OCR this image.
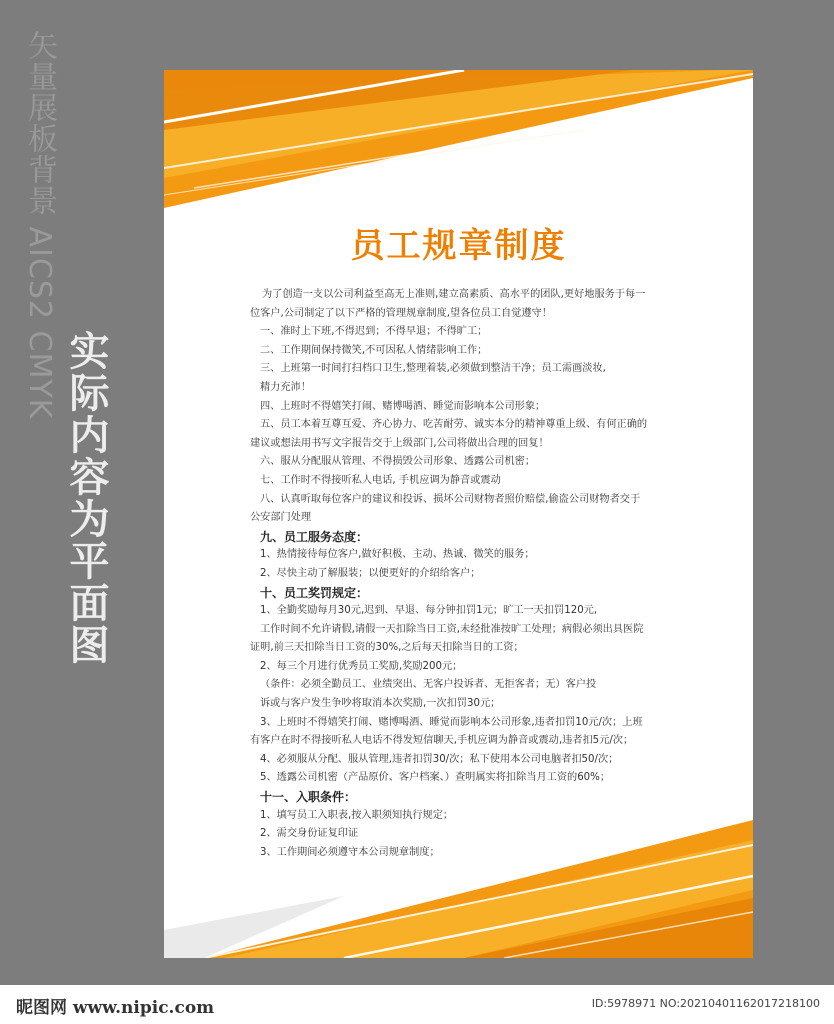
矢量展板背景 AICS2 CMYK
实际内容为平面图
员工规章制度

为了创造一支以公司利益至高无上准则,建立高素质、高水平的团队,更好地服务于每一

位客户,公司制定了以下严格的管理规章制度,望各位员工自觉遵守！

一、准时上下班,不得迟到；不得早退；不得旷工；

二、工作期间保持微笑,不可因私人情绪影响工作；

三、上班第一时间打扫档口卫生,整理着装,必须做到整洁干净；员工需画淡妆,

精力充沛！

四、上班时不得嬉笑打闹、赌博喝酒、睡觉而影响本公司形象；

五、员工本着互尊互爱、齐心协力、吃苦耐劳、诚实本分的精神尊重上级、有何正确的

建议或想法用书写文字报告交于上级部门,公司将做出合理的回复！

六、服从分配服从管理、不得损毁公司形象、透露公司机密；

七、工作时不得接听私人电话, 手机应调为静音或震动

八、认真听取每位客户的建议和投诉、损坏公司财物者照价赔偿,偷盗公司财物者交于

公安部门处理

九、员工服务态度：

1、热情接待每位客户,做好积极、主动、热诚、微笑的服务；

2、尽快主动了解服装；以便更好的介绍给客户；

十、员工奖罚规定：

1、全勤奖励每月30元,迟到、早退、每分钟扣罚1元；旷工一天扣罚120元,

工作时间不允许请假,请假一天扣除当日工资,未经批准按旷工处理；病假必须出具医院

证明,前三天扣除当日工资的30%,之后每天扣除当日的工资；

2、每三个月进行优秀员工奖励,奖励200元；

（条件：必须全勤员工、业绩突出、无客户投诉者、无拒客者；无）客户投

诉或与客户发生争吵将取消本次奖励,一次扣罚30元；

3、上班时不得嬉笑打闹、赌博喝酒、睡觉而影响本公司形象,违者扣罚10元/次；上班

有客户在时不得接听私人电话不得发短信聊天,手机应调为静音或震动,违者扣5元/次；

4、必须服从分配、服从管理,违者扣罚30/次；私下使用本公司电脑者扣50/次；

5、透露公司机密（产品原价、客户档案、）查明属实将扣除当月工资的60%；

十一、入职条件：

1、填写员工入职表,按入职须知执行规定；

2、需交身份证复印证

3、工作期间必须遵守本公司规章制度；

昵图网 www.nipic.com	ID:5978971 NO:20210401162017218100
